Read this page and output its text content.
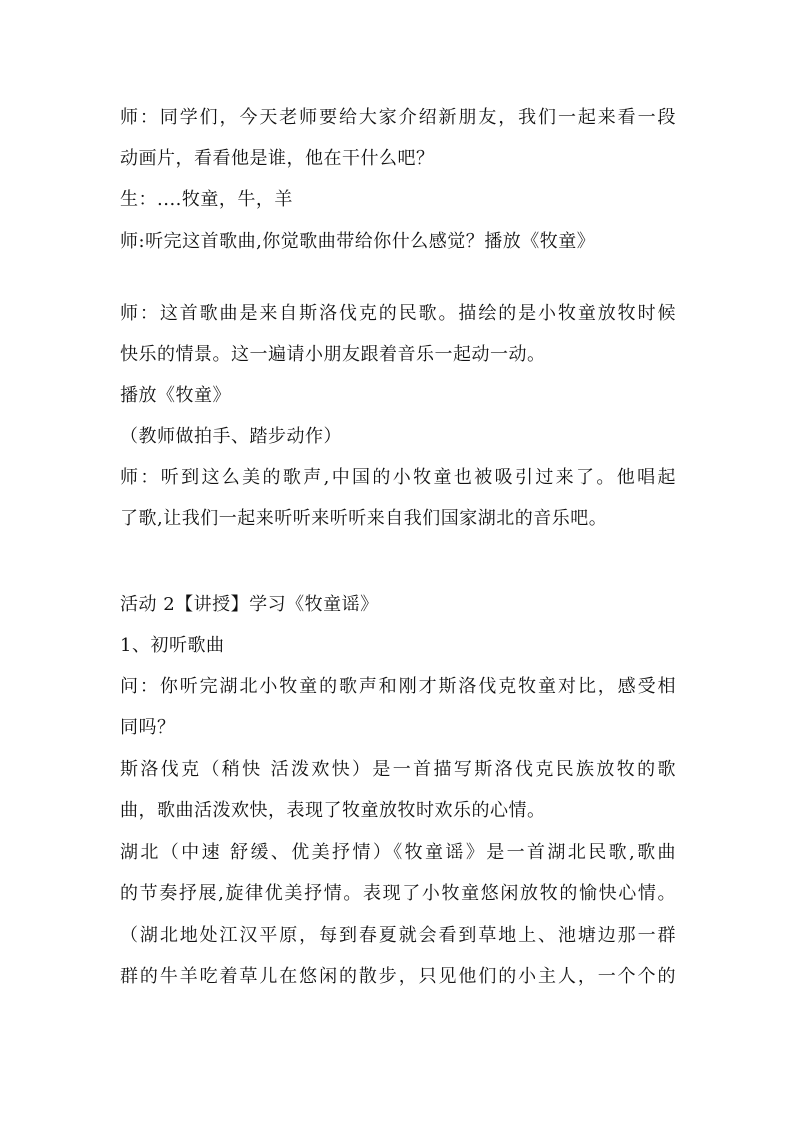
师：同学们，今天老师要给大家介绍新朋友，我们一起来看一段
动画片，看看他是谁，他在干什么吧？
生：....牧童，牛，羊
师:听完这首歌曲,你觉歌曲带给你什么感觉？播放《牧童》
师：这首歌曲是来自斯洛伐克的民歌。描绘的是小牧童放牧时候
快乐的情景。这一遍请小朋友跟着音乐一起动一动。
播放《牧童》
（教师做拍手、踏步动作）
师：听到这么美的歌声,中国的小牧童也被吸引过来了。他唱起
了歌,让我们一起来听听来听听来自我们国家湖北的音乐吧。
活动 2【讲授】学习《牧童谣》
1、初听歌曲
问：你听完湖北小牧童的歌声和刚才斯洛伐克牧童对比，感受相
同吗？
斯洛伐克（稍快 活泼欢快）是一首描写斯洛伐克民族放牧的歌
曲，歌曲活泼欢快，表现了牧童放牧时欢乐的心情。
湖北（中速 舒缓、优美抒情）《牧童谣》是一首湖北民歌,歌曲
的节奏抒展,旋律优美抒情。表现了小牧童悠闲放牧的愉快心情。
（湖北地处江汉平原，每到春夏就会看到草地上、池塘边那一群
群的牛羊吃着草儿在悠闲的散步，只见他们的小主人，一个个的
